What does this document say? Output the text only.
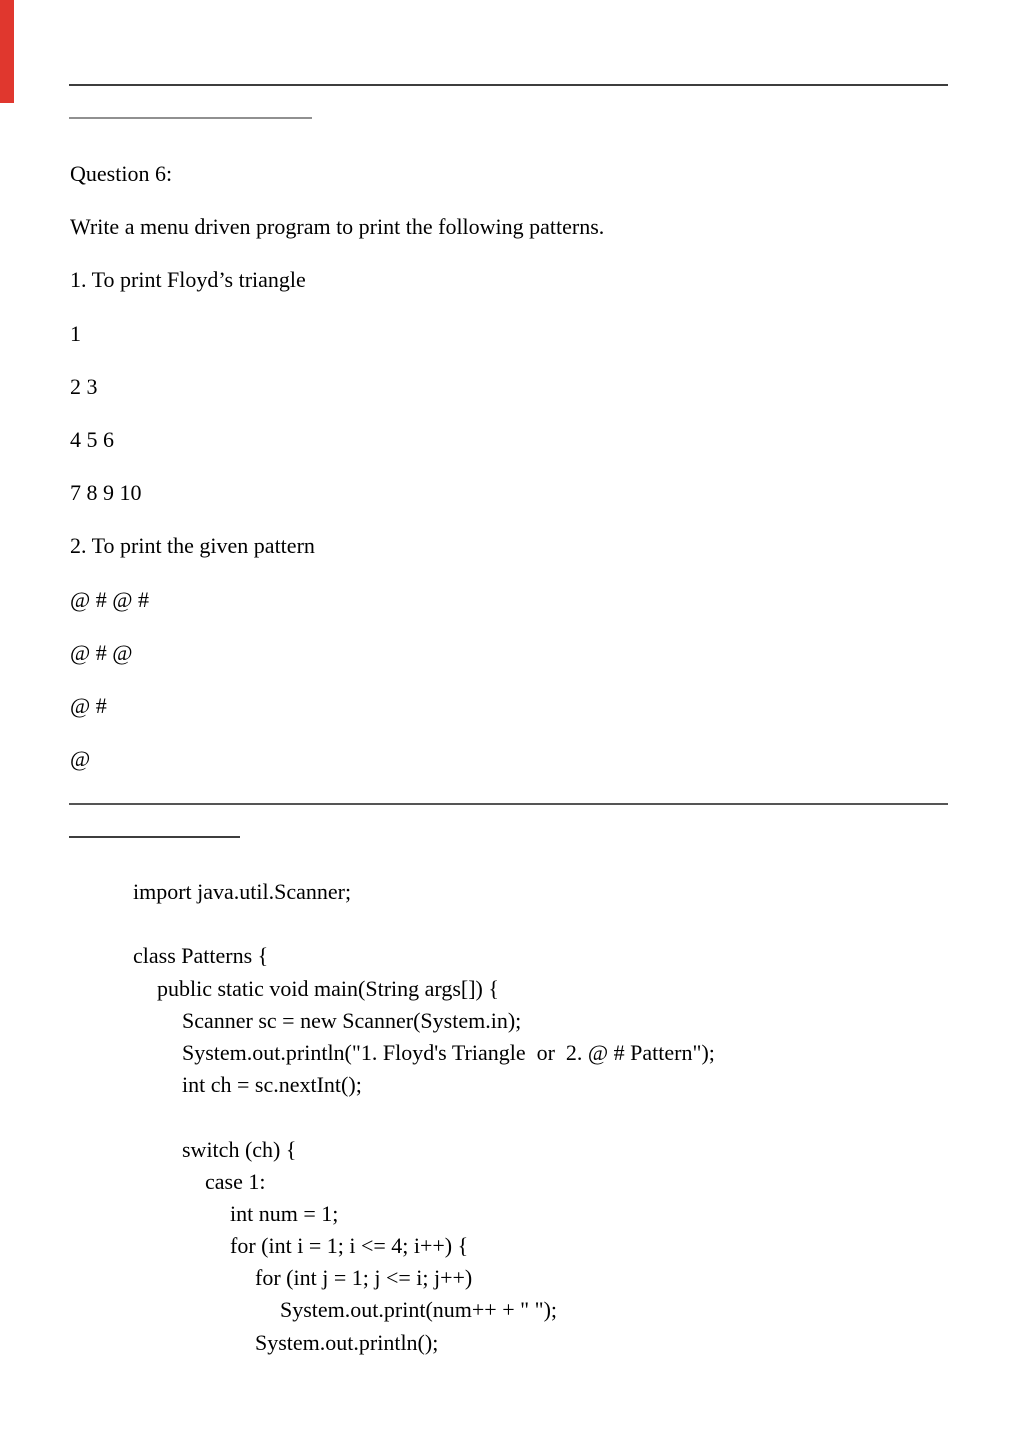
Question 6:

Write a menu driven program to print the following patterns.

1. To print Floyd’s triangle

1

2 3

4 5 6

7 8 9 10

2. To print the given pattern

@ # @ #

@ # @

@ #

@

import java.util.Scanner;
class Patterns {
public static void main(String args[]) {
Scanner sc = new Scanner(System.in);
System.out.println("1. Floyd's Triangle  or  2. @ # Pattern");
int ch = sc.nextInt();
switch (ch) {
case 1:
int num = 1;
for (int i = 1; i <= 4; i++) {
for (int j = 1; j <= i; j++)
System.out.print(num++ + " ");
System.out.println();
